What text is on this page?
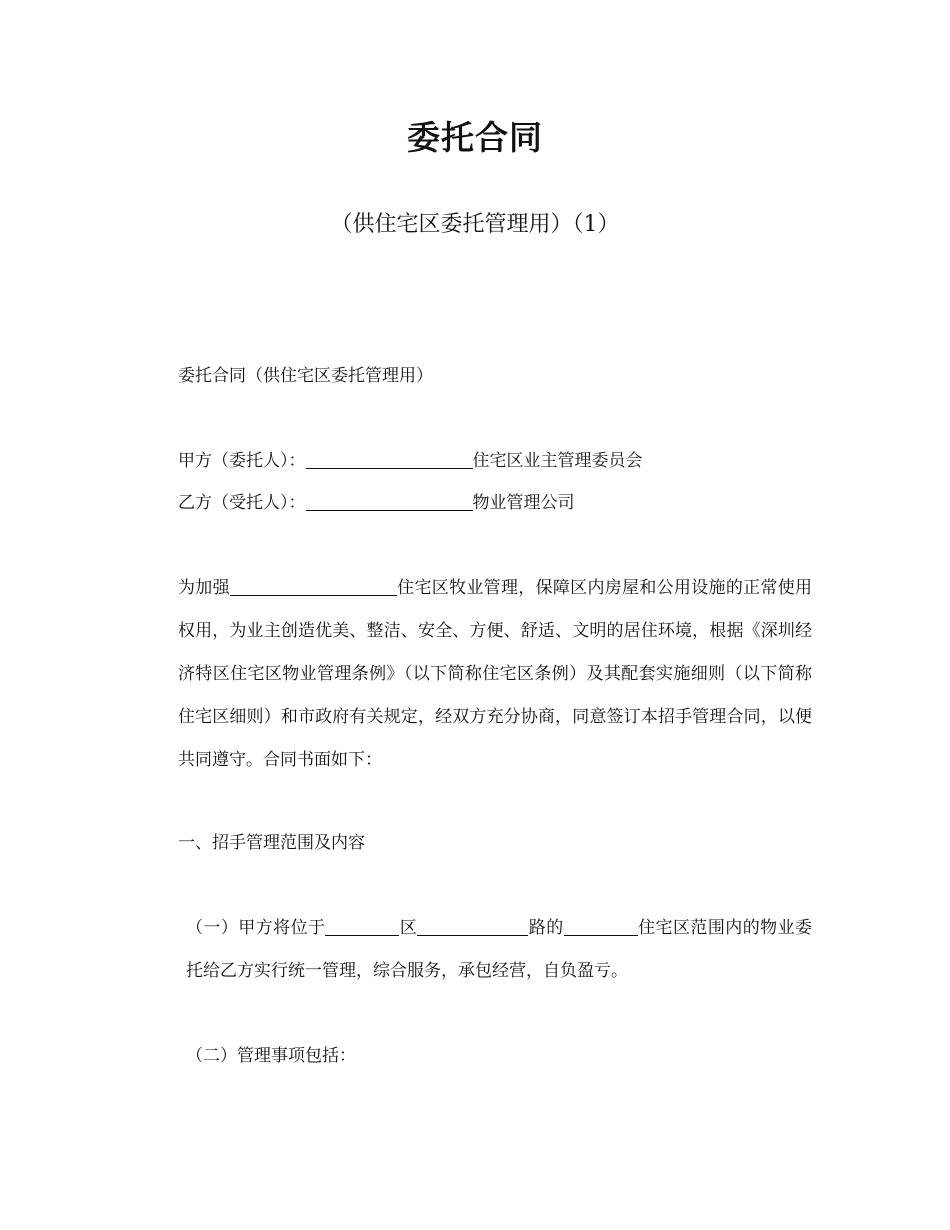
委托合同
（供住宅区委托管理用）（1）
委托合同（供住宅区委托管理用）
甲方（委托人）：	住宅区业主管理委员会
乙方（受托人）：	物业管理公司
为加强	住宅区牧业管理，保障区内房屋和公用设施的正常使用权用，为业主创造优美、整洁、安全、方便、舒适、文明的居住环境，根据《深圳经济特区住宅区物业管理条例》（以下简称住宅区条例）及其配套实施细则（以下简称住宅区细则）和市政府有关规定，经双方充分协商，同意签订本招手管理合同，以便共同遵守。合同书面如下：
一、招手管理范围及内容
（一）甲方将位于	区	路的	住宅区范围内的物业委托给乙方实行统一管理，综合服务，承包经营，自负盈亏。
（二）管理事项包括：
